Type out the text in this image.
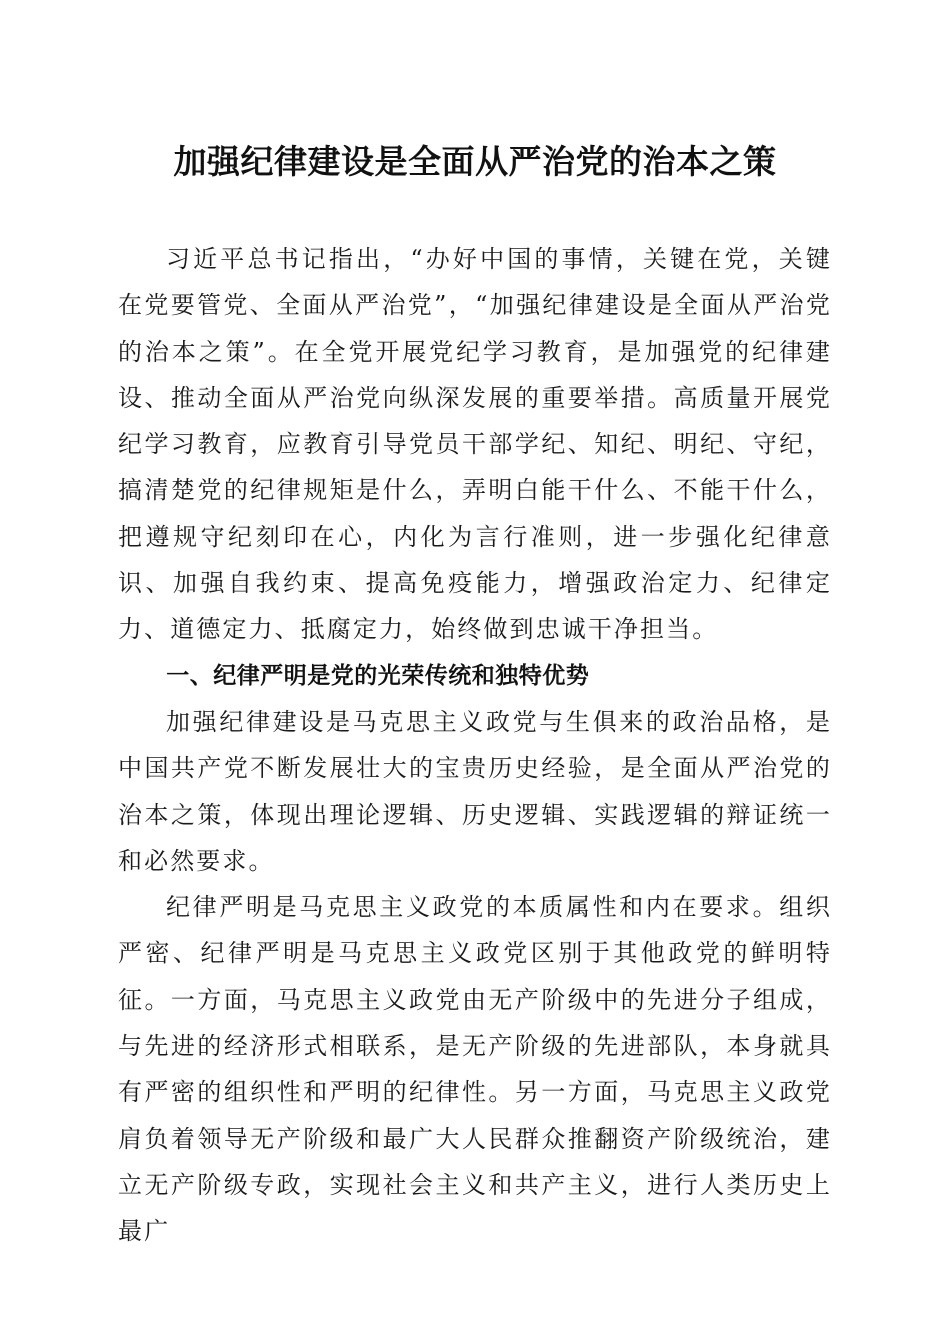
加强纪律建设是全面从严治党的治本之策

习近平总书记指出，“办好中国的事情，关键在党，关键在党要管党、全面从严治党”，“加强纪律建设是全面从严治党的治本之策”。在全党开展党纪学习教育，是加强党的纪律建设、推动全面从严治党向纵深发展的重要举措。高质量开展党纪学习教育，应教育引导党员干部学纪、知纪、明纪、守纪，搞清楚党的纪律规矩是什么，弄明白能干什么、不能干什么，把遵规守纪刻印在心，内化为言行准则，进一步强化纪律意识、加强自我约束、提高免疫能力，增强政治定力、纪律定力、道德定力、抵腐定力，始终做到忠诚干净担当。

一、纪律严明是党的光荣传统和独特优势

加强纪律建设是马克思主义政党与生俱来的政治品格，是中国共产党不断发展壮大的宝贵历史经验，是全面从严治党的治本之策，体现出理论逻辑、历史逻辑、实践逻辑的辩证统一和必然要求。

纪律严明是马克思主义政党的本质属性和内在要求。组织严密、纪律严明是马克思主义政党区别于其他政党的鲜明特征。一方面，马克思主义政党由无产阶级中的先进分子组成，与先进的经济形式相联系，是无产阶级的先进部队，本身就具有严密的组织性和严明的纪律性。另一方面，马克思主义政党肩负着领导无产阶级和最广大人民群众推翻资产阶级统治，建立无产阶级专政，实现社会主义和共产主义，进行人类历史上最广
